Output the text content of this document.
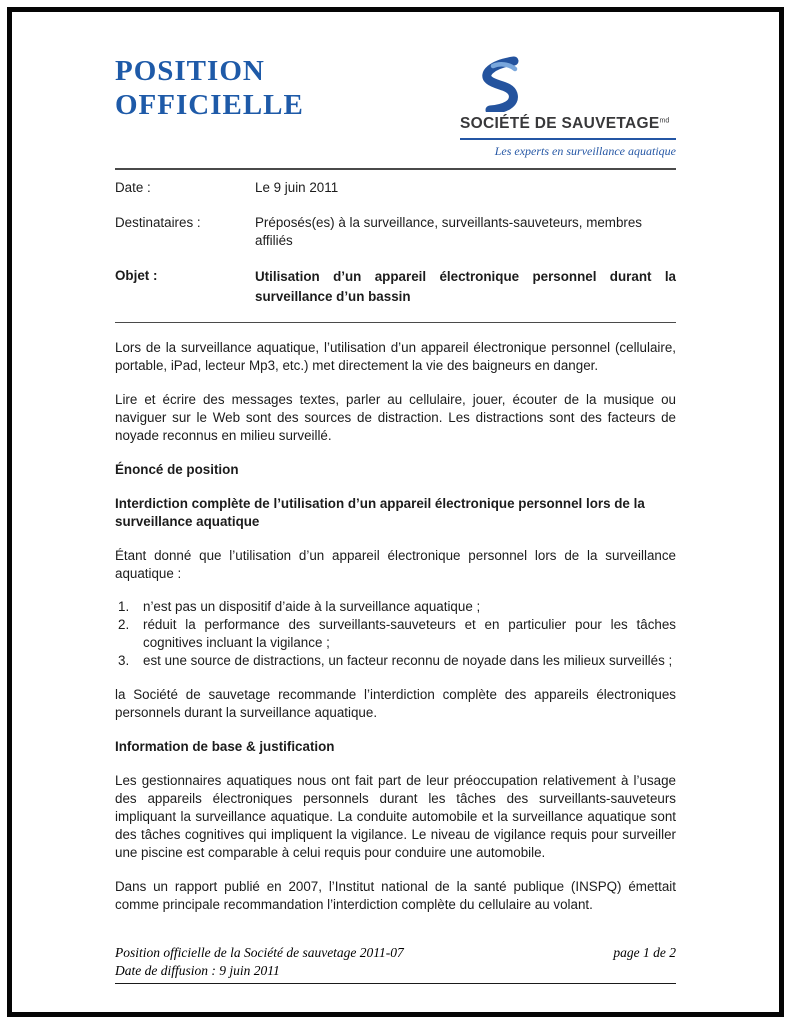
POSITION
OFFICIELLE
SOCIÉTÉ DE $SAUVETAGE^{md}$
Les experts en surveillance aquatique
Date :	Le 9 juin 2011
Destinataires :	Préposés(es) à la surveillance, surveillants-sauveteurs, membres affiliés
Objet :	Utilisation d’un appareil électronique personnel durant la surveillance d’un bassin

Lors de la surveillance aquatique, l’utilisation d’un appareil électronique personnel (cellulaire, portable, iPad, lecteur Mp3, etc.) met directement la vie des baigneurs en danger.

Lire et écrire des messages textes, parler au cellulaire, jouer, écouter de la musique ou naviguer sur le Web sont des sources de distraction. Les distractions sont des facteurs de noyade reconnus en milieu surveillé.

Énoncé de position
Interdiction complète de l’utilisation d’un appareil électronique personnel lors de la surveillance aquatique

Étant donné que l’utilisation d’un appareil électronique personnel lors de la surveillance aquatique :

1.	n’est pas un dispositif d’aide à la surveillance aquatique ;
2.	réduit la performance des surveillants-sauveteurs et en particulier pour les tâches cognitives incluant la vigilance ;
3.	est une source de distractions, un facteur reconnu de noyade dans les milieux surveillés ;

la Société de sauvetage recommande l’interdiction complète des appareils électroniques personnels durant la surveillance aquatique.

Information de base & justification

Les gestionnaires aquatiques nous ont fait part de leur préoccupation relativement à l’usage des appareils électroniques personnels durant les tâches des surveillants-sauveteurs impliquant la surveillance aquatique. La conduite automobile et la surveillance aquatique sont des tâches cognitives qui impliquent la vigilance. Le niveau de vigilance requis pour surveiller une piscine est comparable à celui requis pour conduire une automobile.

Dans un rapport publié en 2007, l’Institut national de la santé publique (INSPQ) émettait comme principale recommandation l’interdiction complète du cellulaire au volant.

Position officielle de la Société de sauvetage 2011-07	page 1 de 2
Date de diffusion : 9 juin 2011
